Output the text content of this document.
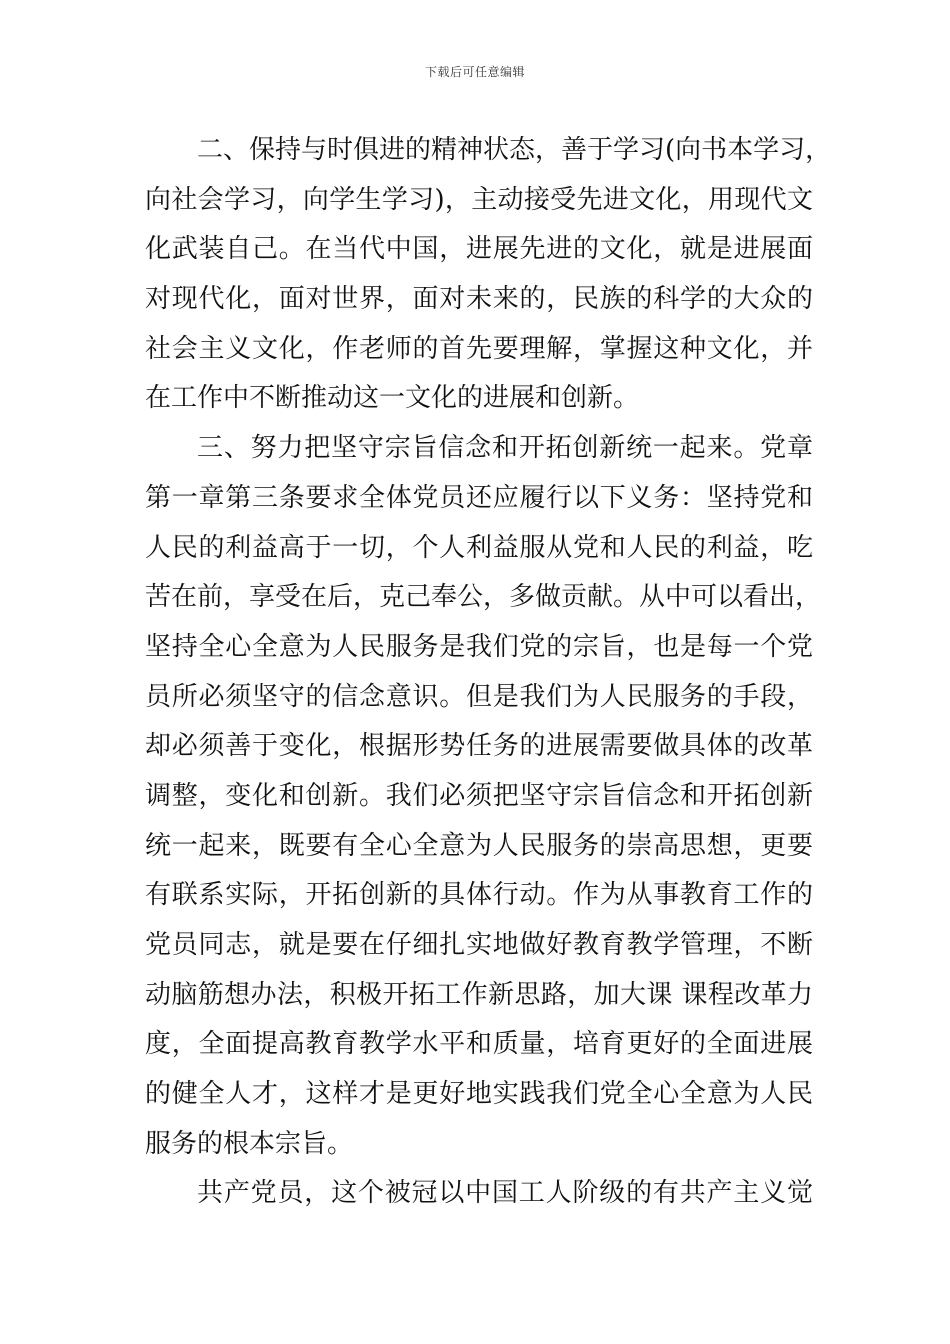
下载后可任意编辑
二、保持与时俱进的精神状态，善于学习(向书本学习，
向社会学习，向学生学习)，主动接受先进文化，用现代文
化武装自己。在当代中国，进展先进的文化，就是进展面
对现代化，面对世界，面对未来的，民族的科学的大众的
社会主义文化，作老师的首先要理解，掌握这种文化，并
在工作中不断推动这一文化的进展和创新。
三、努力把坚守宗旨信念和开拓创新统一起来。党章
第一章第三条要求全体党员还应履行以下义务：坚持党和
人民的利益高于一切，个人利益服从党和人民的利益，吃
苦在前，享受在后，克己奉公，多做贡献。从中可以看出，
坚持全心全意为人民服务是我们党的宗旨，也是每一个党
员所必须坚守的信念意识。但是我们为人民服务的手段，
却必须善于变化，根据形势任务的进展需要做具体的改革
调整，变化和创新。我们必须把坚守宗旨信念和开拓创新
统一起来，既要有全心全意为人民服务的崇高思想，更要
有联系实际，开拓创新的具体行动。作为从事教育工作的
党员同志，就是要在仔细扎实地做好教育教学管理，不断
动脑筋想办法，积极开拓工作新思路，加大课 课程改革力
度，全面提高教育教学水平和质量，培育更好的全面进展
的健全人才，这样才是更好地实践我们党全心全意为人民
服务的根本宗旨。
共产党员，这个被冠以中国工人阶级的有共产主义觉
